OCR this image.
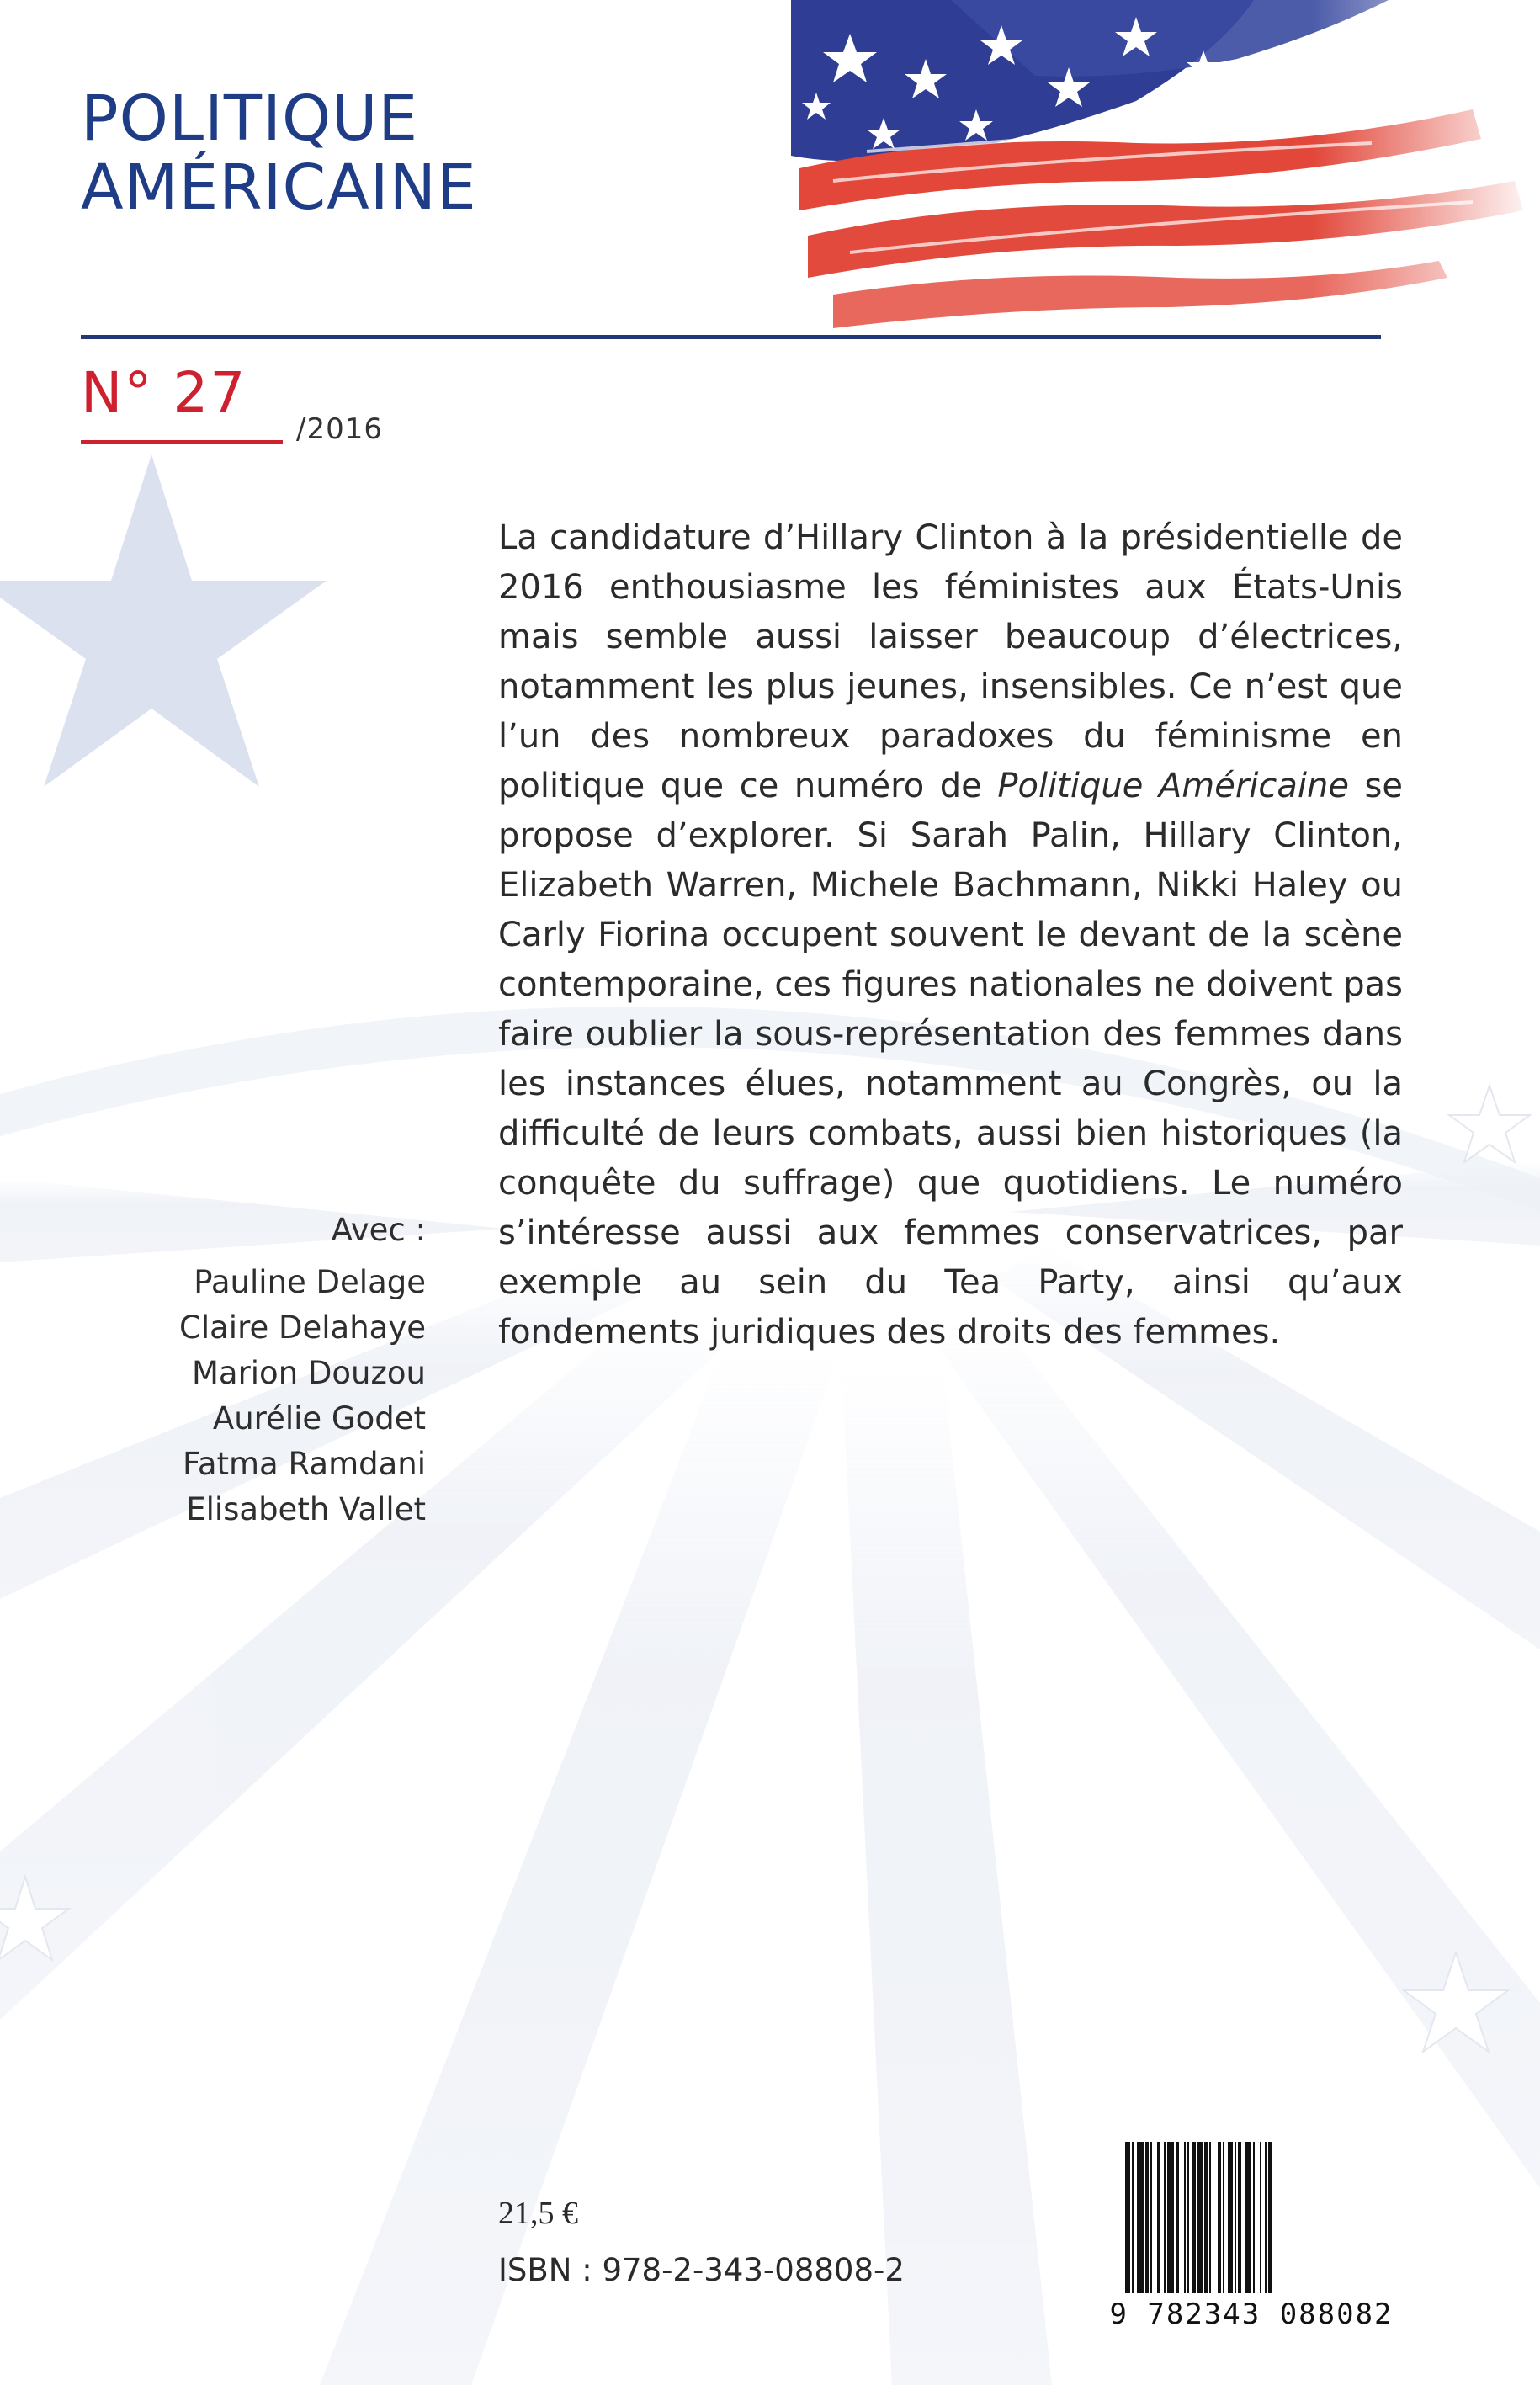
POLITIQUE
AMÉRICAINE
N° 27
/2016

La candidature d’Hillary Clinton à la présidentielle de 2016 enthousiasme les féministes aux États-Unis mais semble aussi laisser beaucoup d’électrices, notamment les plus jeunes, insensibles. Ce n’est que l’un des nombreux paradoxes du féminisme en politique que ce numéro de Politique Américaine se propose d’explorer. Si Sarah Palin, Hillary Clinton, Elizabeth Warren, Michele Bachmann, Nikki Haley ou Carly Fiorina occupent souvent le devant de la scène contemporaine, ces figures nationales ne doivent pas faire oublier la sous-représentation des femmes dans les instances élues, notamment au Congrès, ou la difficulté de leurs combats, aussi bien historiques (la conquête du suffrage) que quotidiens. Le numéro s’intéresse aussi aux femmes conservatrices, par exemple au sein du Tea Party, ainsi qu’aux fondements juridiques des droits des femmes.

Avec :
Pauline Delage
Claire Delahaye
Marion Douzou
Aurélie Godet
Fatma Ramdani
Elisabeth Vallet
21,5 €
ISBN : 978-2-343-08808-2
9 782343 088082
